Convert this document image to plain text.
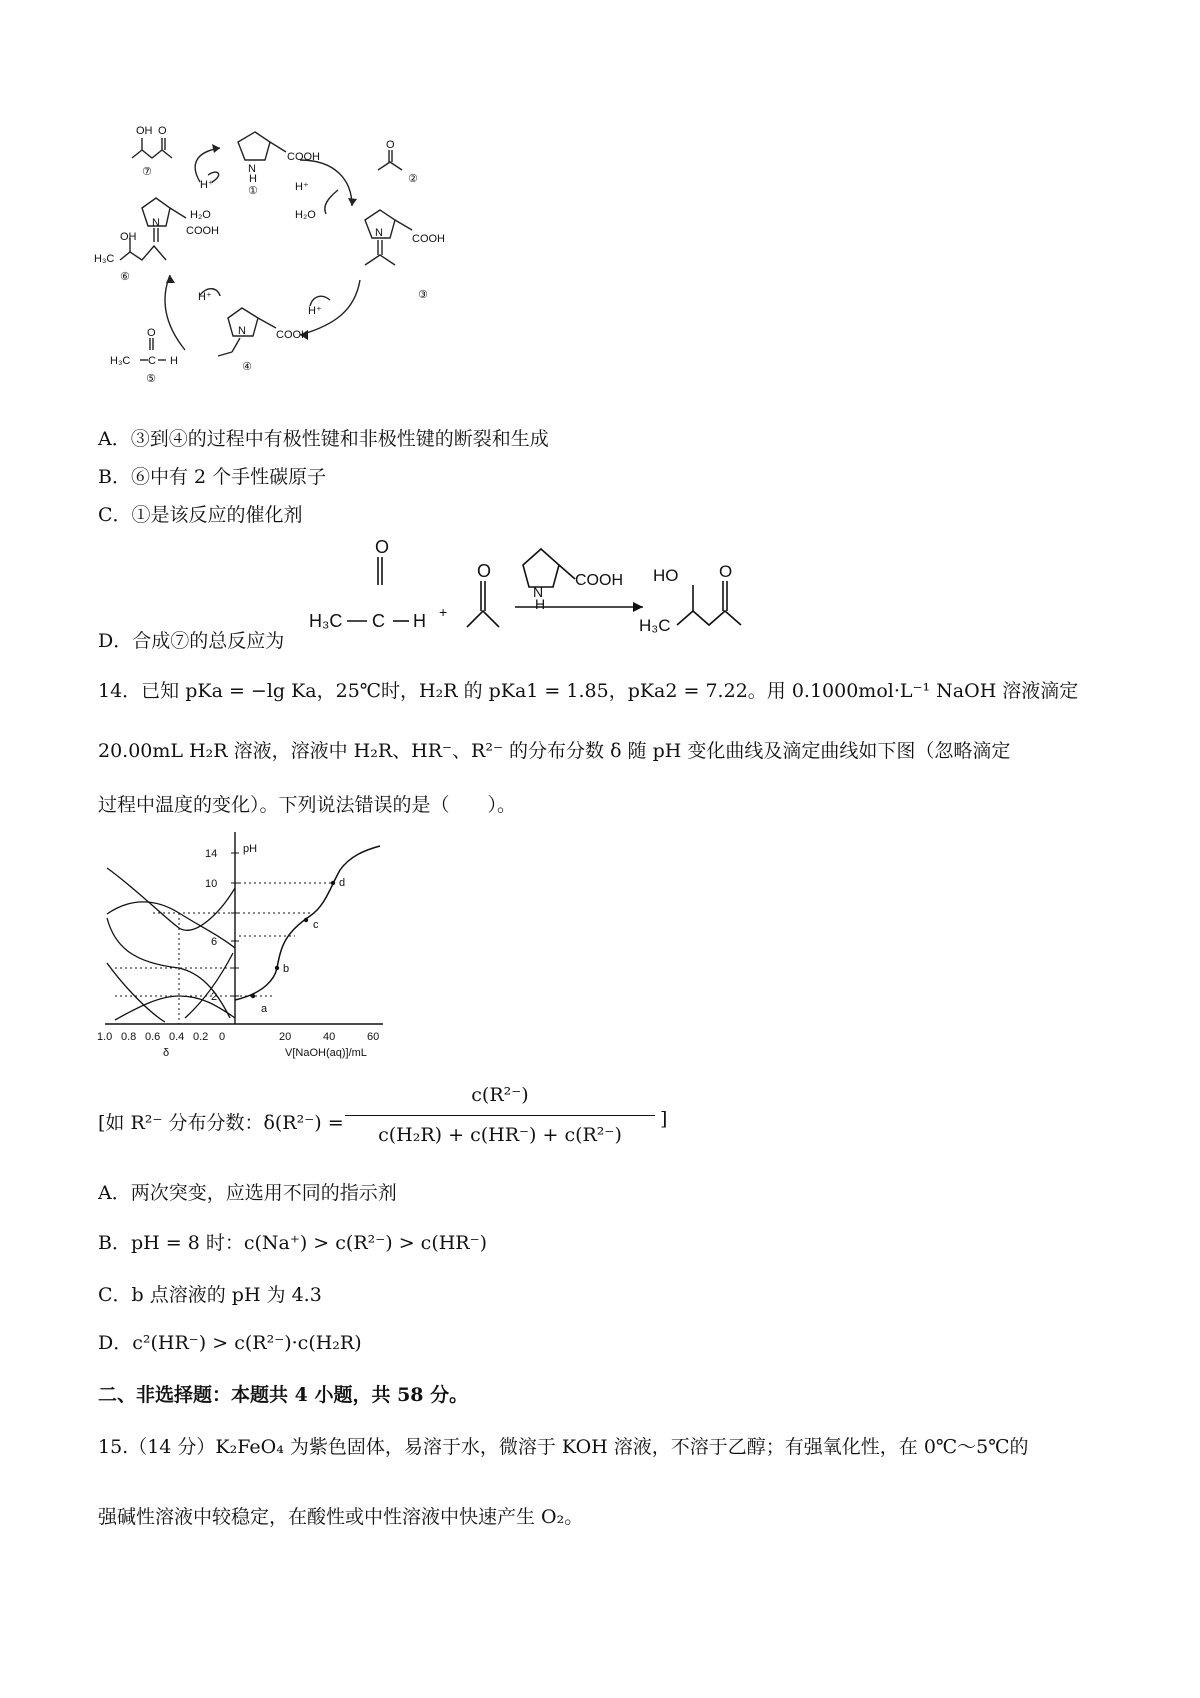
OH O
⑦
COOH
N
H
①
O
②
H⁺
H₂O
H⁺
H₂O
N	COOH
③
N
COOH
OH
H₃C
⑥
H⁺
H⁺
COOH
N
④
O
H₃C C H
⑤
A．③到④的过程中有极性键和非极性键的断裂和生成
B．⑥中有 2 个手性碳原子
C．①是该反应的催化剂
D．合成⑦的总反应为
O
H₃C C H +
O	COOH
N
H
HO O
H₃C
14．已知 pKa = −lg Ka，25℃时，H₂R 的 pKa1 = 1.85，pKa2 = 7.22。用 0.1000mol·L⁻¹ NaOH 溶液滴定
20.00mL H₂R 溶液，溶液中 H₂R、HR⁻、R²⁻ 的分布分数 δ 随 pH 变化曲线及滴定曲线如下图（忽略滴定
过程中温度的变化）。下列说法错误的是（　　）。
pH
14
10
6
2
1.0 0.8 0.6 0.4 0.2 0	20	40	60
δ	V[NaOH(aq)]/mL
a
b
c
d
[如 R²⁻ 分布分数：δ(R²⁻) =
c(R²⁻)
c(H₂R) + c(HR⁻) + c(R²⁻)
]
A．两次突变，应选用不同的指示剂
B．pH = 8 时：c(Na⁺) > c(R²⁻) > c(HR⁻)
C．b 点溶液的 pH 为 4.3
D．c²(HR⁻) > c(R²⁻)·c(H₂R)
二、非选择题：本题共 4 小题，共 58 分。
15.（14 分）K₂FeO₄ 为紫色固体，易溶于水，微溶于 KOH 溶液，不溶于乙醇；有强氧化性，在 0℃～5℃的
强碱性溶液中较稳定，在酸性或中性溶液中快速产生 O₂。
